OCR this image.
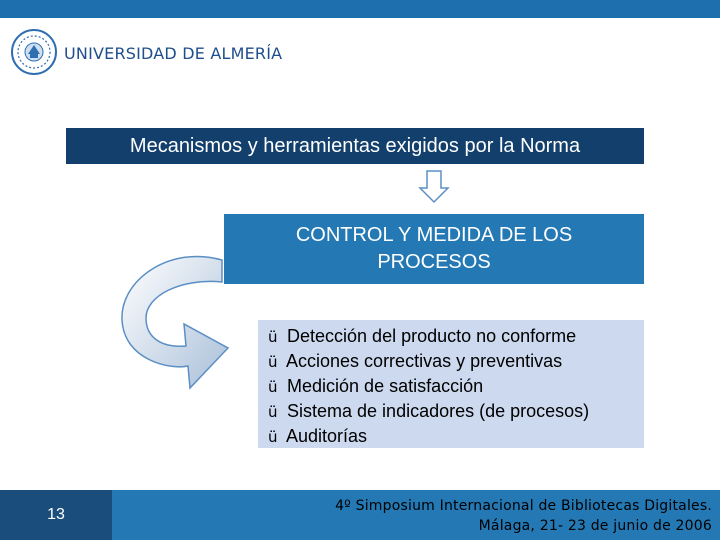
UNIVERSIDAD DE ALMERÍA
Mecanismos y herramientas exigidos por la Norma
CONTROL Y MEDIDA DE LOS PROCESOS
ü Detección del producto no conforme
ü Acciones correctivas y preventivas
ü Medición de satisfacción
ü Sistema de indicadores (de procesos)
ü Auditorías
13	4º Simposium Internacional de Bibliotecas Digitales.
Málaga, 21- 23 de junio de 2006
